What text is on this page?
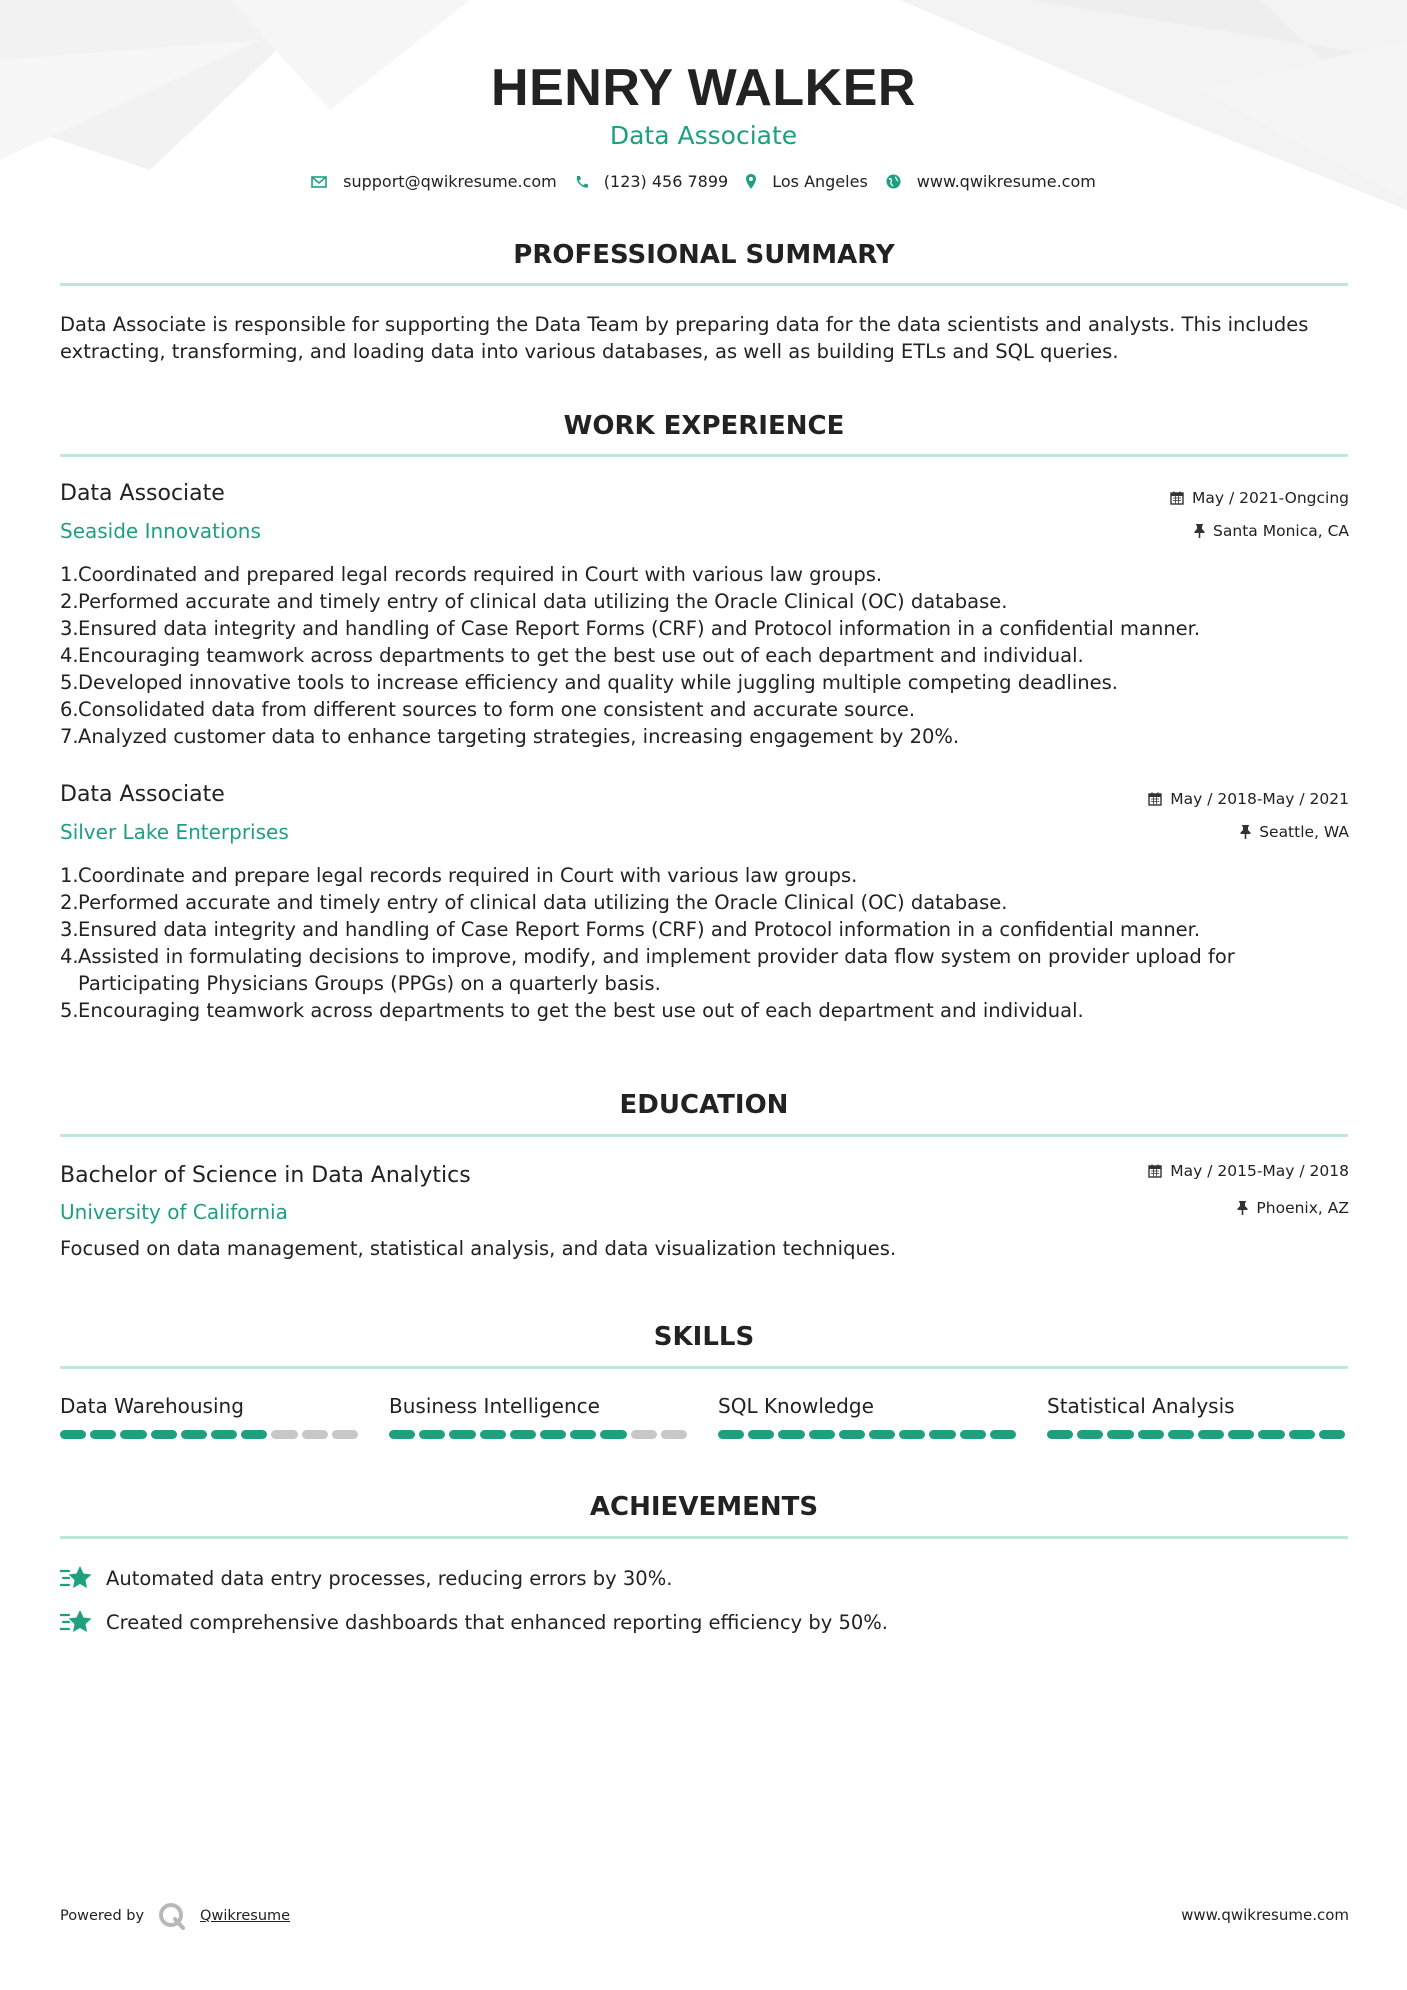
HENRY WALKER
Data Associate
support@qwikresume.com	(123) 456 7899	Los Angeles	www.qwikresume.com
PROFESSIONAL SUMMARY
Data Associate is responsible for supporting the Data Team by preparing data for the data scientists and analysts. This includes extracting, transforming, and loading data into various databases, as well as building ETLs and SQL queries.
WORK EXPERIENCE
Data Associate	May / 2021-Ongcing
Seaside Innovations	Santa Monica, CA
1. Coordinated and prepared legal records required in Court with various law groups.
2. Performed accurate and timely entry of clinical data utilizing the Oracle Clinical (OC) database.
3. Ensured data integrity and handling of Case Report Forms (CRF) and Protocol information in a confidential manner.
4. Encouraging teamwork across departments to get the best use out of each department and individual.
5. Developed innovative tools to increase efficiency and quality while juggling multiple competing deadlines.
6. Consolidated data from different sources to form one consistent and accurate source.
7. Analyzed customer data to enhance targeting strategies, increasing engagement by 20%.
Data Associate	May / 2018-May / 2021
Silver Lake Enterprises	Seattle, WA
1. Coordinate and prepare legal records required in Court with various law groups.
2. Performed accurate and timely entry of clinical data utilizing the Oracle Clinical (OC) database.
3. Ensured data integrity and handling of Case Report Forms (CRF) and Protocol information in a confidential manner.
4. Assisted in formulating decisions to improve, modify, and implement provider data flow system on provider upload for Participating Physicians Groups (PPGs) on a quarterly basis.
5. Encouraging teamwork across departments to get the best use out of each department and individual.
EDUCATION
Bachelor of Science in Data Analytics	May / 2015-May / 2018
University of California	Phoenix, AZ
Focused on data management, statistical analysis, and data visualization techniques.
SKILLS
Data Warehousing	Business Intelligence	SQL Knowledge	Statistical Analysis
ACHIEVEMENTS
Automated data entry processes, reducing errors by 30%.
Created comprehensive dashboards that enhanced reporting efficiency by 50%.
Powered by	Qwikresume	www.qwikresume.com
